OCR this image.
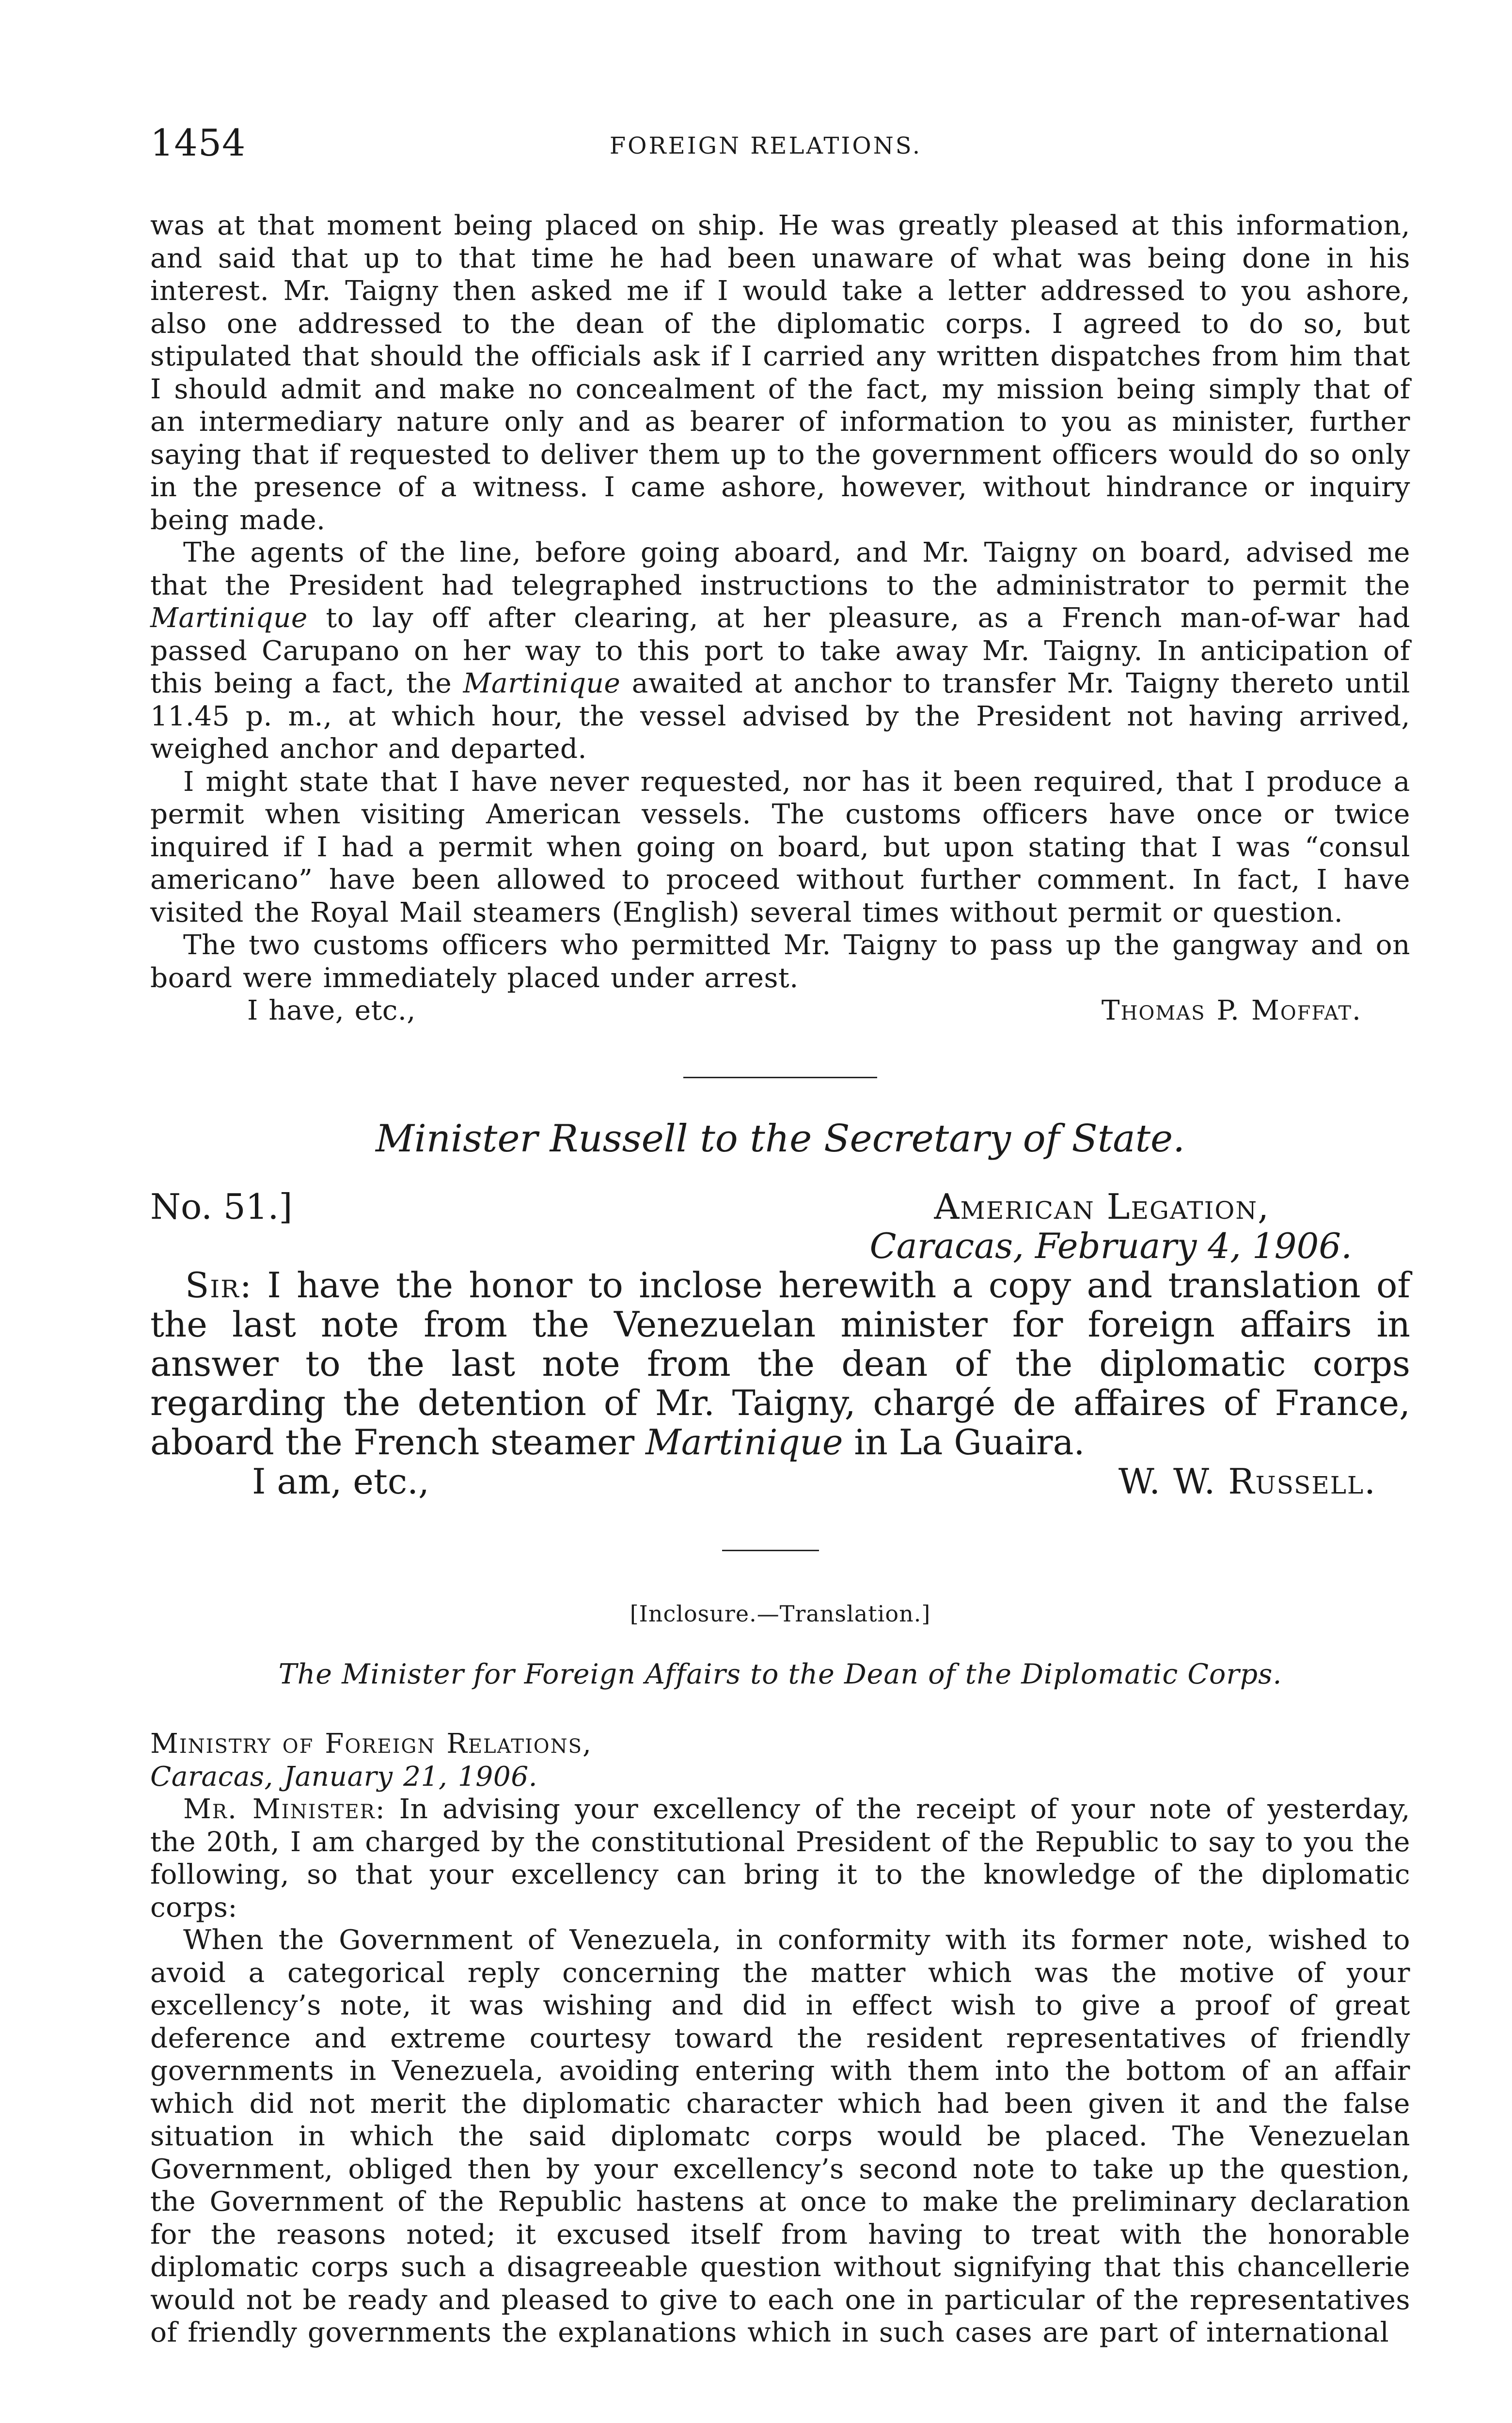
1454	FOREIGN RELATIONS.

was at that moment being placed on ship. He was greatly pleased at this information, and said that up to that time he had been unaware of what was being done in his interest. Mr. Taigny then asked me if I would take a letter addressed to you ashore, also one addressed to the dean of the diplomatic corps. I agreed to do so, but stipulated that should the officials ask if I carried any written dispatches from him that I should admit and make no concealment of the fact, my mission being simply that of an intermediary nature only and as bearer of information to you as minister, further saying that if requested to deliver them up to the government officers would do so only in the presence of a witness. I came ashore, however, without hindrance or inquiry being made.

The agents of the line, before going aboard, and Mr. Taigny on board, advised me that the President had telegraphed instructions to the administrator to permit the Martinique to lay off after clearing, at her pleasure, as a French man-of-war had passed Carupano on her way to this port to take away Mr. Taigny. In anticipation of this being a fact, the Martinique awaited at anchor to transfer Mr. Taigny thereto until 11.45 p. m., at which hour, the vessel advised by the President not having arrived, weighed anchor and departed.

I might state that I have never requested, nor has it been required, that I produce a permit when visiting American vessels. The customs officers have once or twice inquired if I had a permit when going on board, but upon stating that I was “consul americano” have been allowed to proceed without further comment. In fact, I have visited the Royal Mail steamers (English) several times without permit or question.

The two customs officers who permitted Mr. Taigny to pass up the gangway and on board were immediately placed under arrest.

I have, etc.,	Thomas P. Moffat.
Minister Russell to the Secretary of State.
No. 51.]	American Legation,
Caracas, February 4, 1906.

Sir: I have the honor to inclose herewith a copy and translation of the last note from the Venezuelan minister for foreign affairs in answer to the last note from the dean of the diplomatic corps regarding the detention of Mr. Taigny, chargé de affaires of France, aboard the French steamer Martinique in La Guaira.

I am, etc.,	W. W. Russell.
[Inclosure.—Translation.]
The Minister for Foreign Affairs to the Dean of the Diplomatic Corps.
Ministry of Foreign Relations,
Caracas, January 21, 1906.

Mr. Minister: In advising your excellency of the receipt of your note of yesterday, the 20th, I am charged by the constitutional President of the Republic to say to you the following, so that your excellency can bring it to the knowledge of the diplomatic corps:

When the Government of Venezuela, in conformity with its former note, wished to avoid a categorical reply concerning the matter which was the motive of your excellency’s note, it was wishing and did in effect wish to give a proof of great deference and extreme courtesy toward the resident representatives of friendly governments in Venezuela, avoiding entering with them into the bottom of an affair which did not merit the diplomatic character which had been given it and the false situation in which the said diplomatc corps would be placed. The Venezuelan Government, obliged then by your excellency’s second note to take up the question, the Government of the Republic hastens at once to make the preliminary declaration for the reasons noted; it excused itself from having to treat with the honorable diplomatic corps such a disagreeable question without signifying that this chancellerie would not be ready and pleased to give to each one in particular of the representatives of friendly governments the explanations which in such cases are part of international
